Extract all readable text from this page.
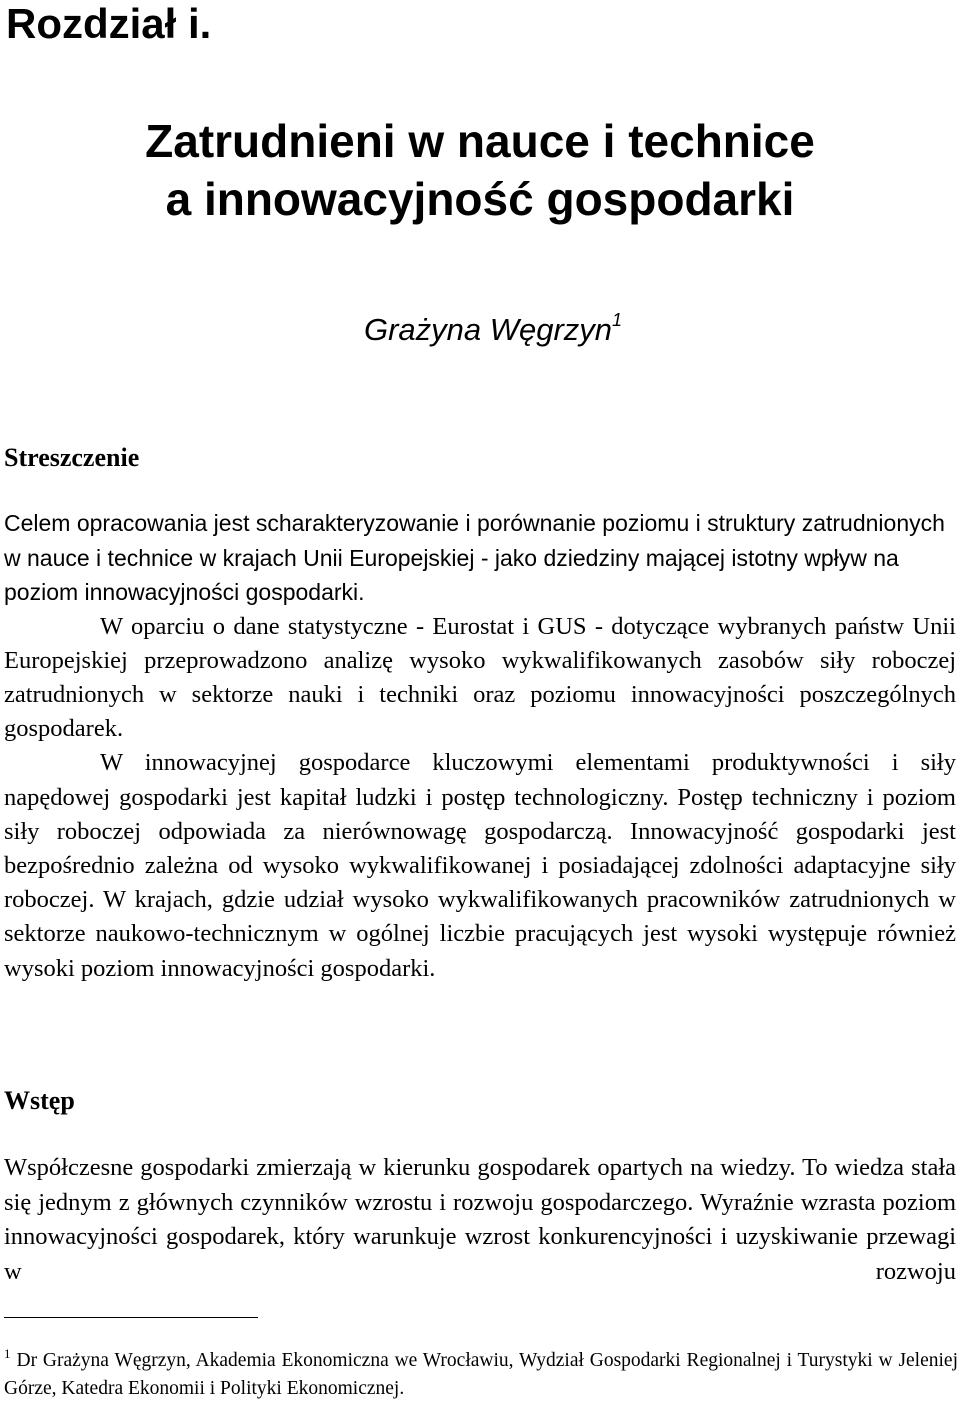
Rozdział i.
Zatrudnieni w nauce i technice
a innowacyjność gospodarki
Grażyna Węgrzyn$^1$
Streszczenie

Celem opracowania jest scharakteryzowanie i porównanie poziomu i struktury zatrudnionych w nauce i technice w krajach Unii Europejskiej - jako dziedziny mającej istotny wpływ na poziom innowacyjności gospodarki.

W oparciu o dane statystyczne - Eurostat i GUS - dotyczące wybranych państw Unii Europejskiej przeprowadzono analizę wysoko wykwalifikowanych zasobów siły roboczej zatrudnionych w sektorze nauki i techniki oraz poziomu innowacyjności poszczególnych gospodarek.

W innowacyjnej gospodarce kluczowymi elementami produktywności i siły napędowej gospodarki jest kapitał ludzki i postęp technologiczny. Postęp techniczny i poziom siły roboczej odpowiada za nierównowagę gospodarczą. Innowacyjność gospodarki jest bezpośrednio zależna od wysoko wykwalifikowanej i posiadającej zdolności adaptacyjne siły roboczej. W krajach, gdzie udział wysoko wykwalifikowanych pracowników zatrudnionych w sektorze naukowo-technicznym w ogólnej liczbie pracujących jest wysoki występuje również wysoki poziom innowacyjności gospodarki.

Wstęp

Współczesne gospodarki zmierzają w kierunku gospodarek opartych na wiedzy. To wiedza stała się jednym z głównych czynników wzrostu i rozwoju gospodarczego. Wyraźnie wzrasta poziom innowacyjności gospodarek, który warunkuje wzrost konkurencyjności i uzyskiwanie przewagi w rozwoju

$^1$ Dr Grażyna Węgrzyn, Akademia Ekonomiczna we Wrocławiu, Wydział Gospodarki Regionalnej i Turystyki w Jeleniej Górze, Katedra Ekonomii i Polityki Ekonomicznej.
